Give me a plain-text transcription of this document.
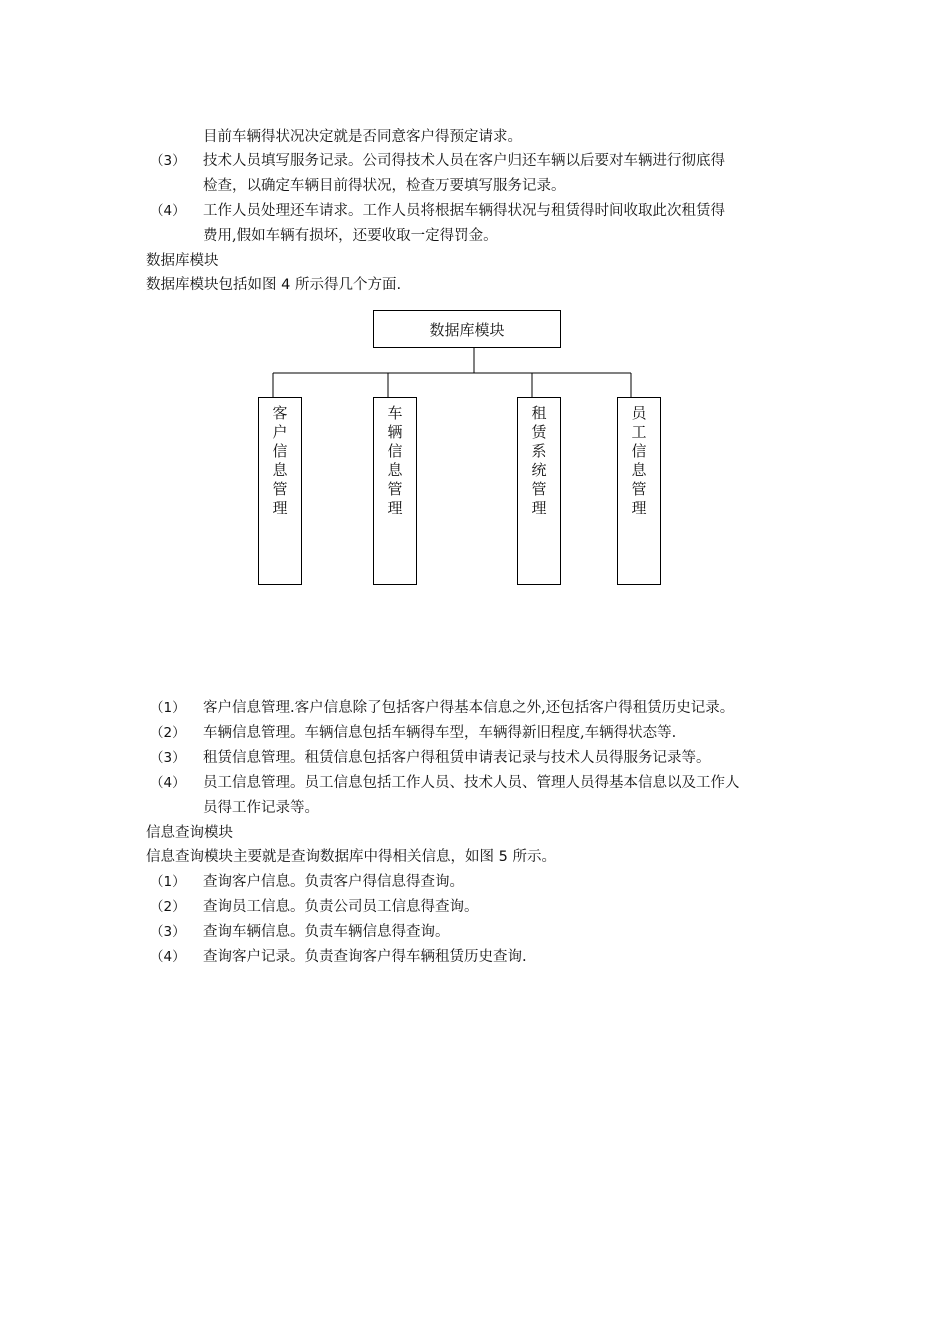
目前车辆得状况决定就是否同意客户得预定请求。
（3） 技术人员填写服务记录。公司得技术人员在客户归还车辆以后要对车辆进行彻底得
检查，以确定车辆目前得状况，检查万要填写服务记录。
（4） 工作人员处理还车请求。工作人员将根据车辆得状况与租赁得时间收取此次租赁得
费用,假如车辆有损坏，还要收取一定得罚金。
数据库模块
数据库模块包括如图 4 所示得几个方面.
数据库模块
客
户
信
息
管
理
车
辆
信
息
管
理
租
赁
系
统
管
理
员
工
信
息
管
理
（1） 客户信息管理.客户信息除了包括客户得基本信息之外,还包括客户得租赁历史记录。
（2） 车辆信息管理。车辆信息包括车辆得车型，车辆得新旧程度,车辆得状态等.
（3） 租赁信息管理。租赁信息包括客户得租赁申请表记录与技术人员得服务记录等。
（4） 员工信息管理。员工信息包括工作人员、技术人员、管理人员得基本信息以及工作人
员得工作记录等。
信息查询模块
信息查询模块主要就是查询数据库中得相关信息，如图 5 所示。
（1） 查询客户信息。负责客户得信息得查询。
（2） 查询员工信息。负责公司员工信息得查询。
（3） 查询车辆信息。负责车辆信息得查询。
（4） 查询客户记录。负责查询客户得车辆租赁历史查询.
